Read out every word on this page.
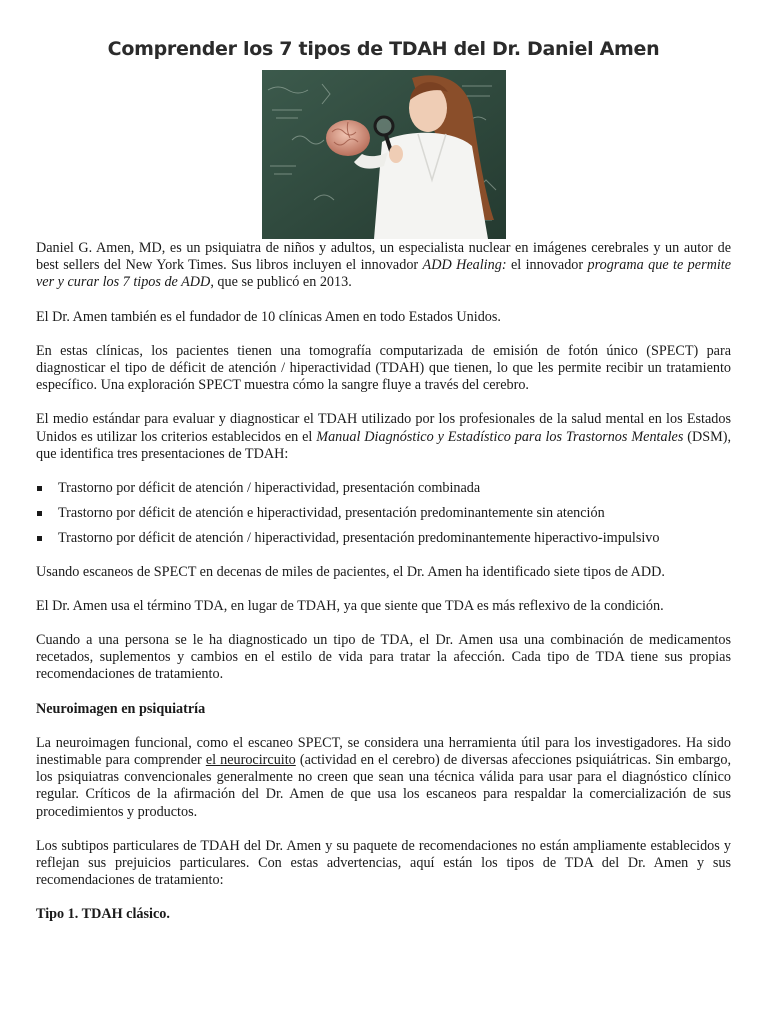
Comprender los 7 tipos de TDAH del Dr. Daniel Amen

Daniel G. Amen, MD, es un psiquiatra de niños y adultos, un especialista nuclear en imágenes cerebrales y un autor de best sellers del New York Times. Sus libros incluyen el innovador ADD Healing: el innovador programa que te permite ver y curar los 7 tipos de ADD, que se publicó en 2013.

El Dr. Amen también es el fundador de 10 clínicas Amen en todo Estados Unidos.

En estas clínicas, los pacientes tienen una tomografía computarizada de emisión de fotón único (SPECT) para diagnosticar el tipo de déficit de atención / hiperactividad (TDAH) que tienen, lo que les permite recibir un tratamiento específico. Una exploración SPECT muestra cómo la sangre fluye a través del cerebro.

El medio estándar para evaluar y diagnosticar el TDAH utilizado por los profesionales de la salud mental en los Estados Unidos es utilizar los criterios establecidos en el Manual Diagnóstico y Estadístico para los Trastornos Mentales (DSM), que identifica tres presentaciones de TDAH:

Trastorno por déficit de atención / hiperactividad, presentación combinada
Trastorno por déficit de atención e hiperactividad, presentación predominantemente sin atención
Trastorno por déficit de atención / hiperactividad, presentación predominantemente hiperactivo-impulsivo

Usando escaneos de SPECT en decenas de miles de pacientes, el Dr. Amen ha identificado siete tipos de ADD.

El Dr. Amen usa el término TDA, en lugar de TDAH, ya que siente que TDA es más reflexivo de la condición.

Cuando a una persona se le ha diagnosticado un tipo de TDA, el Dr. Amen usa una combinación de medicamentos recetados, suplementos y cambios en el estilo de vida para tratar la afección. Cada tipo de TDA tiene sus propias recomendaciones de tratamiento.

Neuroimagen en psiquiatría

La neuroimagen funcional, como el escaneo SPECT, se considera una herramienta útil para los investigadores. Ha sido inestimable para comprender el neurocircuito (actividad en el cerebro) de diversas afecciones psiquiátricas. Sin embargo, los psiquiatras convencionales generalmente no creen que sean una técnica válida para usar para el diagnóstico clínico regular. Críticos de la afirmación del Dr. Amen de que usa los escaneos para respaldar la comercialización de sus procedimientos y productos.

Los subtipos particulares de TDAH del Dr. Amen y su paquete de recomendaciones no están ampliamente establecidos y reflejan sus prejuicios particulares. Con estas advertencias, aquí están los tipos de TDA del Dr. Amen y sus recomendaciones de tratamiento:

Tipo 1. TDAH clásico.
